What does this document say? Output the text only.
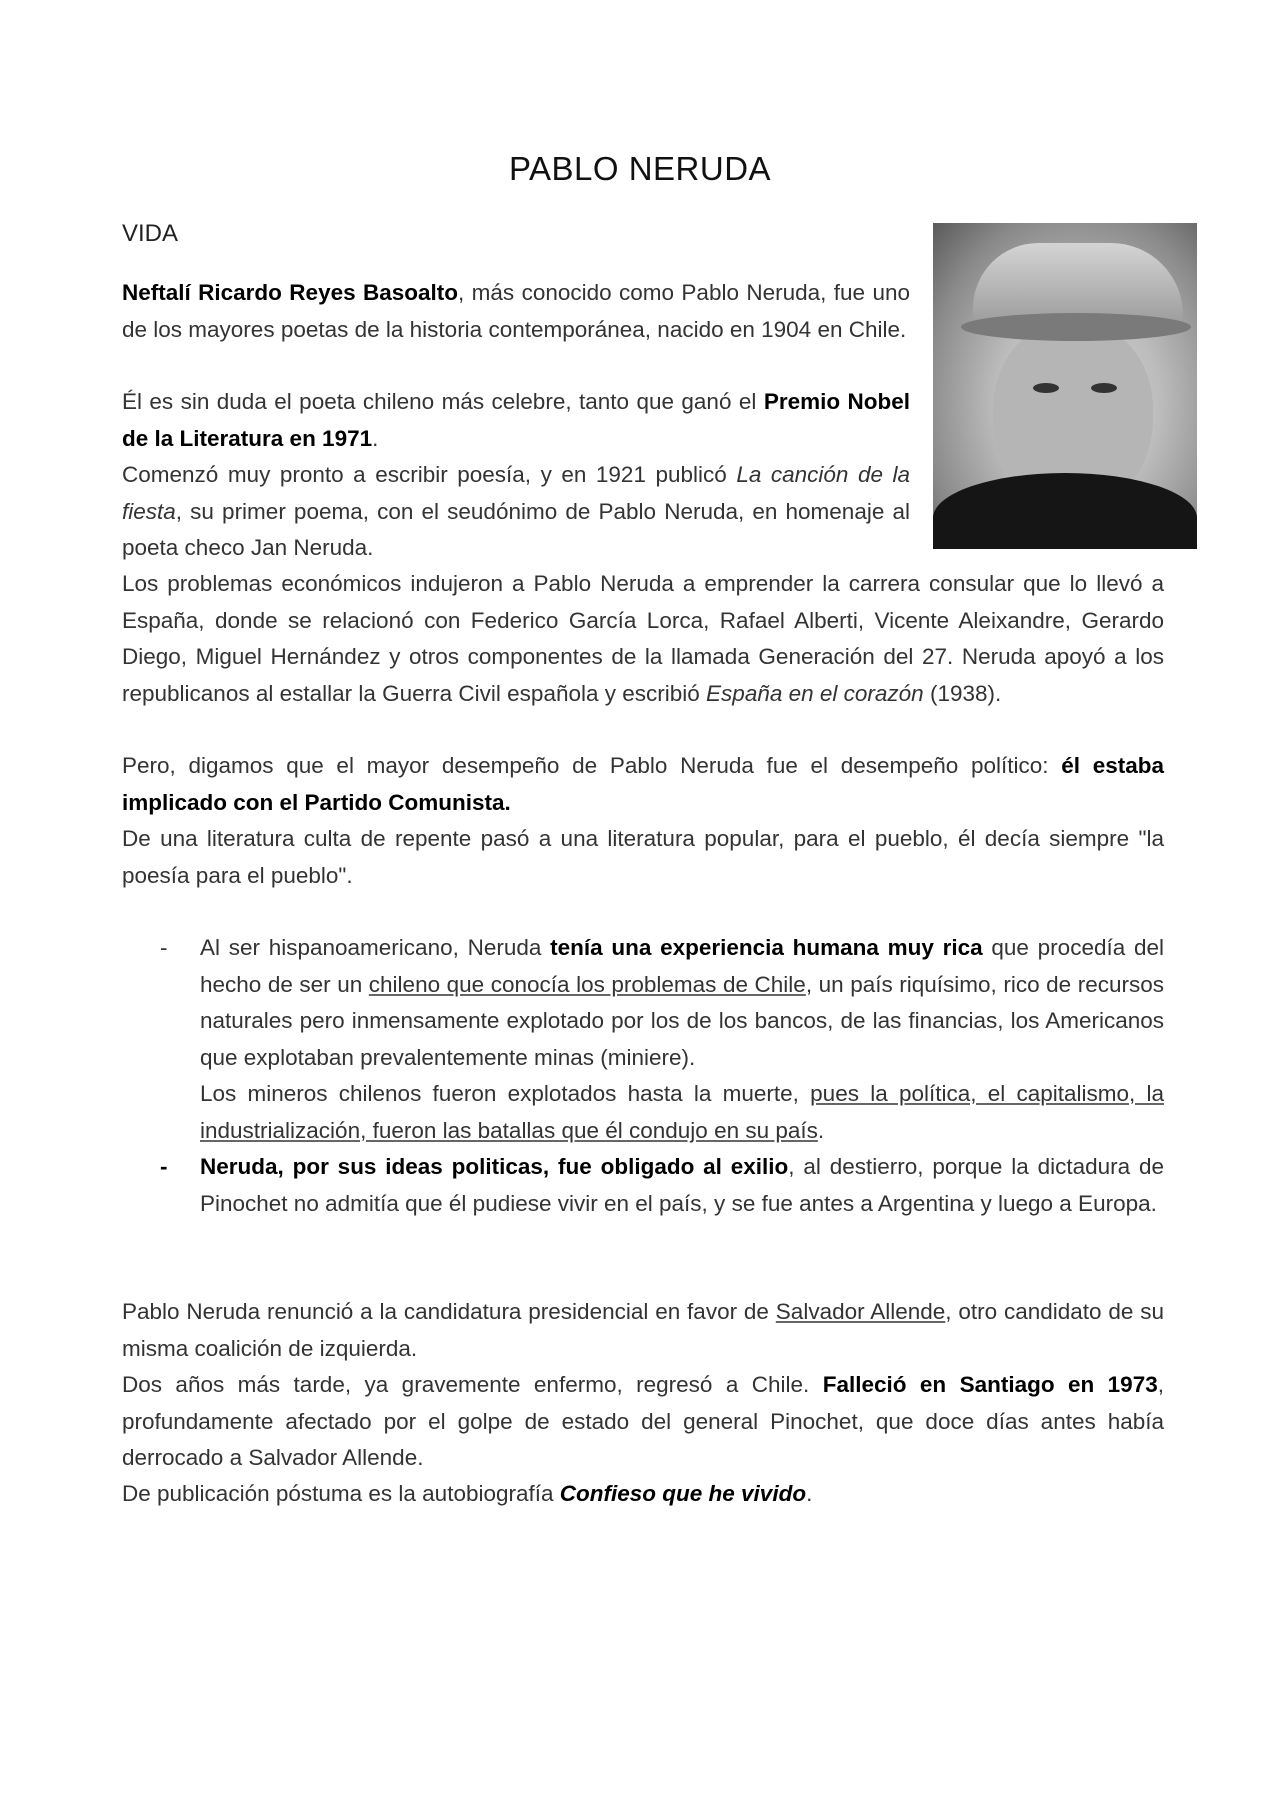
PABLO NERUDA
VIDA
Neftalí Ricardo Reyes Basoalto, más conocido como Pablo Neruda, fue uno de los mayores poetas de la historia contemporánea, nacido en 1904 en Chile.
Él es sin duda el poeta chileno más celebre, tanto que ganó el Premio Nobel de la Literatura en 1971.
Comenzó muy pronto a escribir poesía, y en 1921 publicó La canción de la fiesta, su primer poema, con el seudónimo de Pablo Neruda, en homenaje al poeta checo Jan Neruda.
Los problemas económicos indujeron a Pablo Neruda a emprender la carrera consular que lo llevó a España, donde se relacionó con Federico García Lorca, Rafael Alberti, Vicente Aleixandre, Gerardo Diego, Miguel Hernández y otros componentes de la llamada Generación del 27. Neruda apoyó a los republicanos al estallar la Guerra Civil española y escribió España en el corazón (1938).
Pero, digamos que el mayor desempeño de Pablo Neruda fue el desempeño político: él estaba implicado con el Partido Comunista.
De una literatura culta de repente pasó a una literatura popular, para el pueblo, él decía siempre "la poesía para el pueblo".
- Al ser hispanoamericano, Neruda tenía una experiencia humana muy rica que procedía del hecho de ser un chileno que conocía los problemas de Chile, un país riquísimo, rico de recursos naturales pero inmensamente explotado por los de los bancos, de las financias, los Americanos que explotaban prevalentemente minas (miniere).
Los mineros chilenos fueron explotados hasta la muerte, pues la política, el capitalismo, la industrialización, fueron las batallas que él condujo en su país.
- Neruda, por sus ideas politicas, fue obligado al exilio, al destierro, porque la dictadura de Pinochet no admitía que él pudiese vivir en el país, y se fue antes a Argentina y luego a Europa.
Pablo Neruda renunció a la candidatura presidencial en favor de Salvador Allende, otro candidato de su misma coalición de izquierda.
Dos años más tarde, ya gravemente enfermo, regresó a Chile. Falleció en Santiago en 1973, profundamente afectado por el golpe de estado del general Pinochet, que doce días antes había derrocado a Salvador Allende.
De publicación póstuma es la autobiografía Confieso que he vivido.
